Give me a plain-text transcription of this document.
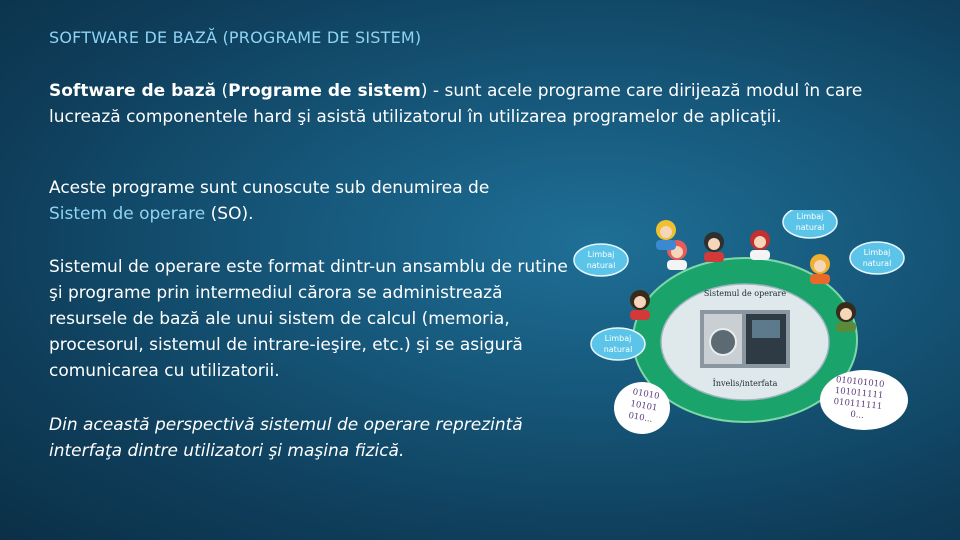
SOFTWARE DE BAZĂ (PROGRAME DE SISTEM)
Software de bază (Programe de sistem) - sunt acele programe care dirijează modul în care lucrează componentele hard şi asistă utilizatorul în utilizarea programelor de aplicaţii.
Aceste programe sunt cunoscute sub denumirea de Sistem de operare (SO).
Sistemul de operare este format dintr-un ansamblu de rutine şi programe prin intermediul cărora se administrează resursele de bază ale unui sistem de calcul (memoria, procesorul, sistemul de intrare-ieşire, etc.) şi se asigură comunicarea cu utilizatorii.
Din această perspectivă sistemul de operare reprezintă interfaţa dintre utilizatori şi maşina fizică.
Sistemul de operare
Învelis/interfata
Limbaj
natural
Limbaj
natural
Limbaj
natural
Limbaj
natural
01010
10101
010...
010101010
101011111
010111111
0...
